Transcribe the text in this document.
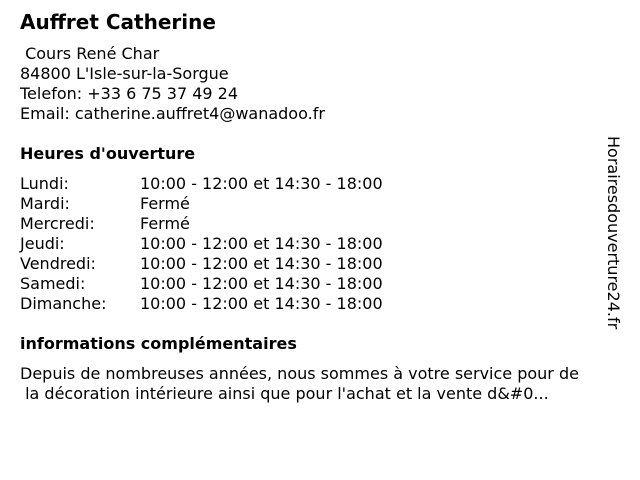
Auffret Catherine
Cours René Char
84800 L'Isle-sur-la-Sorgue
Telefon: +33 6 75 37 49 24
Email: catherine.auffret4@wanadoo.fr
Heures d'ouverture
Lundi:	10:00 - 12:00 et 14:30 - 18:00
Mardi:	Fermé
Mercredi:	Fermé
Jeudi:	10:00 - 12:00 et 14:30 - 18:00
Vendredi:	10:00 - 12:00 et 14:30 - 18:00
Samedi:	10:00 - 12:00 et 14:30 - 18:00
Dimanche: 10:00 - 12:00 et 14:30 - 18:00
informations complémentaires
Depuis de nombreuses années, nous sommes à votre service pour de
la décoration intérieure ainsi que pour l'achat et la vente d&#0...
Horairesdouverture24.fr
